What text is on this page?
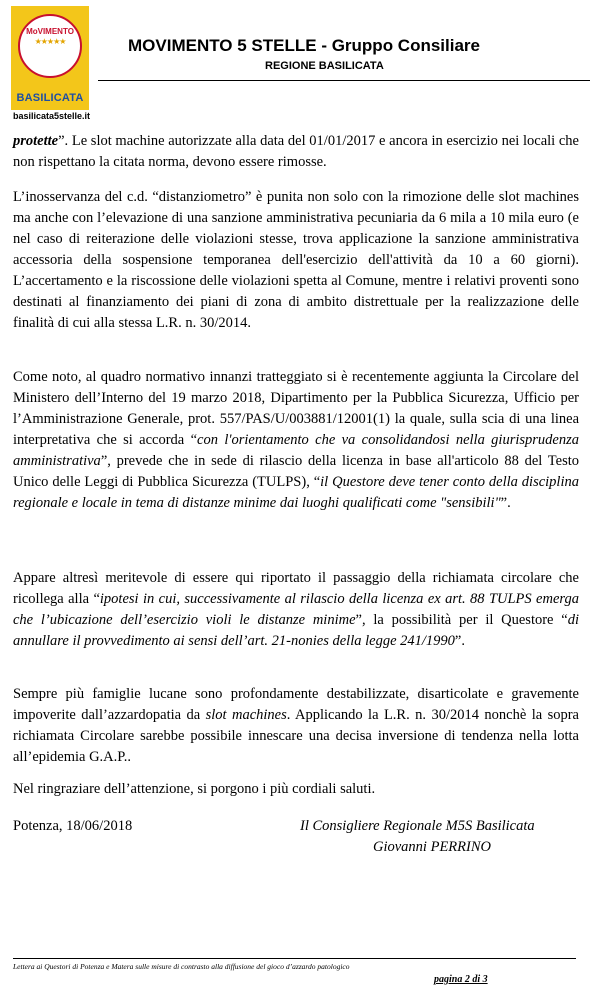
MoVIMENTO
★★★★★
BASILICATA
basilicata5stelle.it
MOVIMENTO 5 STELLE - Gruppo Consiliare
REGIONE BASILICATA

protette”. Le slot machine autorizzate alla data del 01/01/2017 e ancora in esercizio nei locali che non rispettano la citata norma, devono essere rimosse.

L’inosservanza del c.d. “distanziometro” è punita non solo con la rimozione delle slot machines ma anche con l’elevazione di una sanzione amministrativa pecuniaria da 6 mila a 10 mila euro (e nel caso di reiterazione delle violazioni stesse, trova applicazione la sanzione amministrativa accessoria della sospensione temporanea dell'esercizio dell'attività da 10 a 60 giorni). L’accertamento e la riscossione delle violazioni spetta al Comune, mentre i relativi proventi sono destinati al finanziamento dei piani di zona di ambito distrettuale per la realizzazione delle finalità di cui alla stessa L.R. n. 30/2014.

Come noto, al quadro normativo innanzi tratteggiato si è recentemente aggiunta la Circolare del Ministero dell’Interno del 19 marzo 2018, Dipartimento per la Pubblica Sicurezza, Ufficio per l’Amministrazione Generale, prot. 557/PAS/U/003881/12001(1) la quale, sulla scia di una linea interpretativa che si accorda “con l'orientamento che va consolidandosi nella giurisprudenza amministrativa”, prevede che in sede di rilascio della licenza in base all'articolo 88 del Testo Unico delle Leggi di Pubblica Sicurezza (TULPS), “il Questore deve tener conto della disciplina regionale e locale in tema di distanze minime dai luoghi qualificati come "sensibili"”.

Appare altresì meritevole di essere qui riportato il passaggio della richiamata circolare che ricollega alla “ipotesi in cui, successivamente al rilascio della licenza ex art. 88 TULPS emerga che l’ubicazione dell’esercizio violi le distanze minime”, la possibilità per il Questore “di annullare il provvedimento ai sensi dell’art. 21-nonies della legge 241/1990”.

Sempre più famiglie lucane sono profondamente destabilizzate, disarticolate e gravemente impoverite dall’azzardopatia da slot machines. Applicando la L.R. n. 30/2014 nonchè la sopra richiamata Circolare sarebbe possibile innescare una decisa inversione di tendenza nella lotta all’epidemia G.A.P..

Nel ringraziare dell’attenzione, si porgono i più cordiali saluti.

Potenza, 18/06/2018	Il Consigliere Regionale M5S Basilicata
Giovanni PERRINO
Lettera ai Questori di Potenza e Matera sulle misure di contrasto alla diffusione del gioco d’azzardo patologico
pagina 2 di 3
